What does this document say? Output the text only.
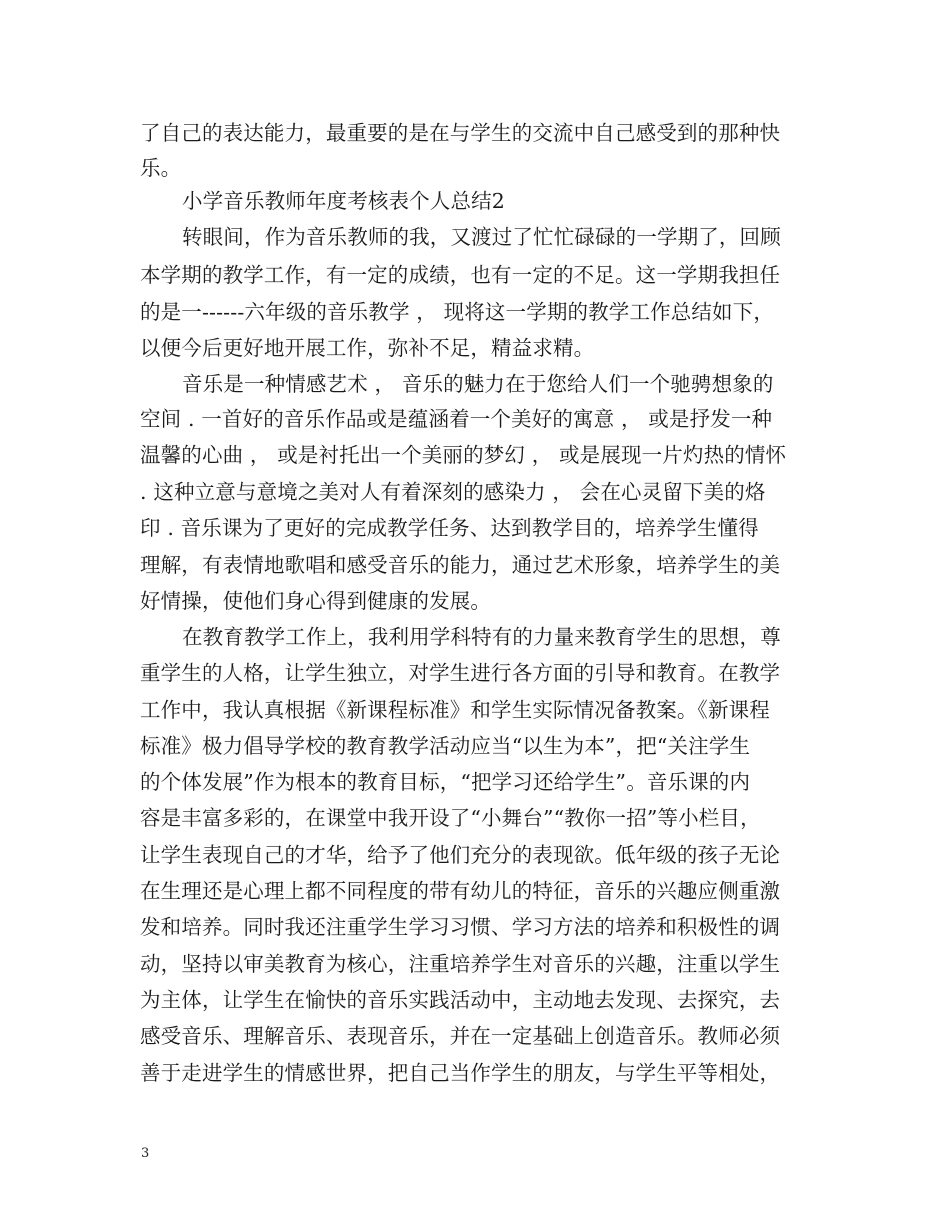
了自己的表达能力，最重要的是在与学生的交流中自己感受到的那种快
乐。
小学音乐教师年度考核表个人总结2
转眼间，作为音乐教师的我，又渡过了忙忙碌碌的一学期了，回顾
本学期的教学工作，有一定的成绩，也有一定的不足。这一学期我担任
的是一------六年级的音乐教学 ， 现将这一学期的教学工作总结如下，
以便今后更好地开展工作，弥补不足，精益求精。
音乐是一种情感艺术 ， 音乐的魅力在于您给人们一个驰骋想象的
空间 . 一首好的音乐作品或是蕴涵着一个美好的寓意 ， 或是抒发一种
温馨的心曲 ， 或是衬托出一个美丽的梦幻 ， 或是展现一片灼热的情怀
. 这种立意与意境之美对人有着深刻的感染力 ， 会在心灵留下美的烙
印 . 音乐课为了更好的完成教学任务、达到教学目的，培养学生懂得
理解，有表情地歌唱和感受音乐的能力，通过艺术形象，培养学生的美
好情操，使他们身心得到健康的发展。
在教育教学工作上，我利用学科特有的力量来教育学生的思想，尊
重学生的人格，让学生独立，对学生进行各方面的引导和教育。在教学
工作中，我认真根据《新课程标准》和学生实际情况备教案。《新课程
标准》极力倡导学校的教育教学活动应当“以生为本”，把“关注学生
的个体发展”作为根本的教育目标，“把学习还给学生”。音乐课的内
容是丰富多彩的，在课堂中我开设了“小舞台”“教你一招”等小栏目，
让学生表现自己的才华，给予了他们充分的表现欲。低年级的孩子无论
在生理还是心理上都不同程度的带有幼儿的特征，音乐的兴趣应侧重激
发和培养。同时我还注重学生学习习惯、学习方法的培养和积极性的调
动，坚持以审美教育为核心，注重培养学生对音乐的兴趣，注重以学生
为主体，让学生在愉快的音乐实践活动中，主动地去发现、去探究，去
感受音乐、理解音乐、表现音乐，并在一定基础上创造音乐。教师必须
善于走进学生的情感世界，把自己当作学生的朋友，与学生平等相处，
3
